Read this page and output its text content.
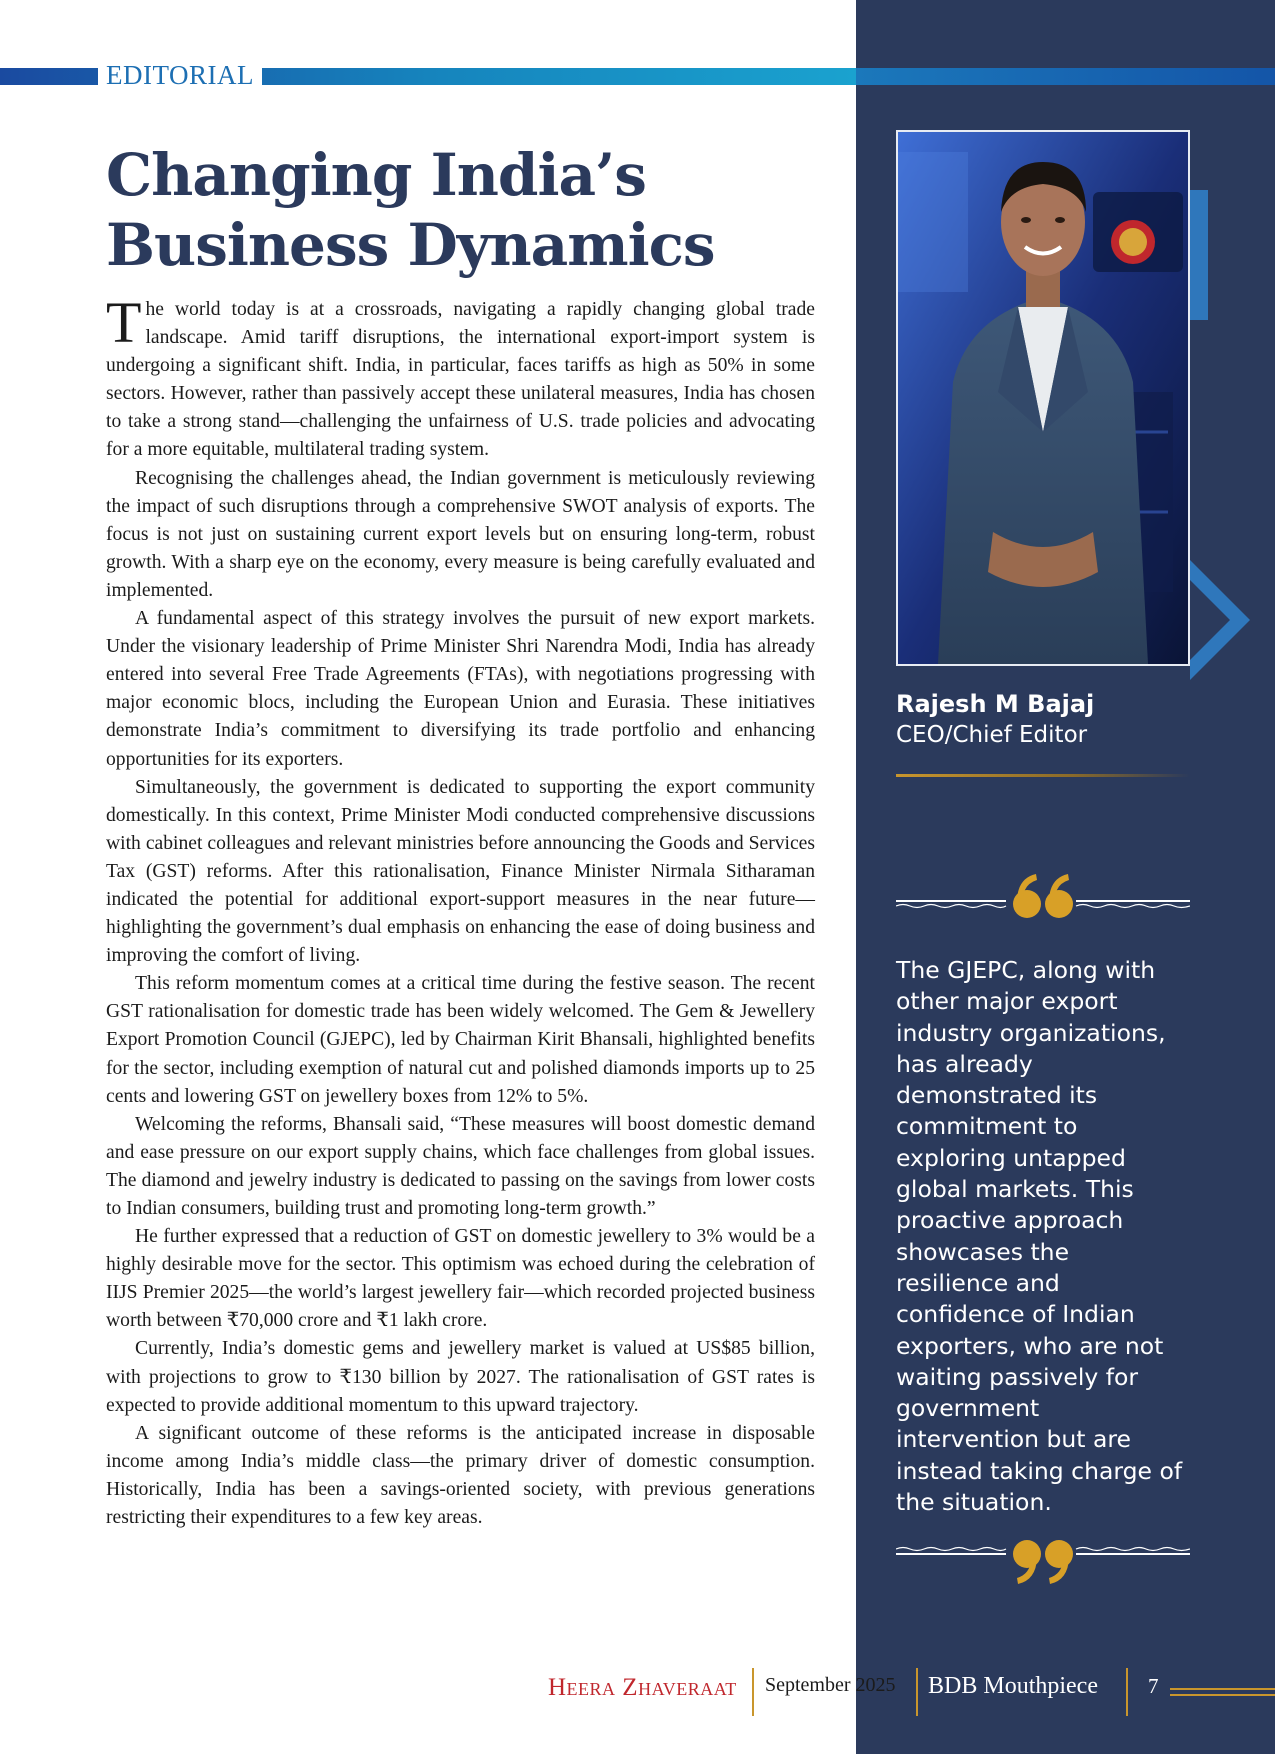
EDITORIAL
Changing India’s
Business Dynamics

The world today is at a crossroads, navigating a rapidly changing global trade landscape. Amid tariff disruptions, the international export-import system is undergoing a significant shift. India, in particular, faces tariffs as high as 50% in some sectors. However, rather than passively accept these unilateral measures, India has chosen to take a strong stand—challenging the unfairness of U.S. trade policies and advocating for a more equitable, multilateral trading system.

Recognising the challenges ahead, the Indian government is meticulously reviewing the impact of such disruptions through a comprehensive SWOT analysis of exports. The focus is not just on sustaining current export levels but on ensuring long-term, robust growth. With a sharp eye on the economy, every measure is being carefully evaluated and implemented.

A fundamental aspect of this strategy involves the pursuit of new export markets. Under the visionary leadership of Prime Minister Shri Narendra Modi, India has already entered into several Free Trade Agreements (FTAs), with negotiations progressing with major economic blocs, including the European Union and Eurasia. These initiatives demonstrate India’s commitment to diversifying its trade portfolio and enhancing opportunities for its exporters.

Simultaneously, the government is dedicated to supporting the export community domestically. In this context, Prime Minister Modi conducted comprehensive discussions with cabinet colleagues and relevant ministries before announcing the Goods and Services Tax (GST) reforms. After this rationalisation, Finance Minister Nirmala Sitharaman indicated the potential for additional export-support measures in the near future—highlighting the government’s dual emphasis on enhancing the ease of doing business and improving the comfort of living.

This reform momentum comes at a critical time during the festive season. The recent GST rationalisation for domestic trade has been widely welcomed. The Gem & Jewellery Export Promotion Council (GJEPC), led by Chairman Kirit Bhansali, highlighted benefits for the sector, including exemption of natural cut and polished diamonds imports up to 25 cents and lowering GST on jewellery boxes from 12% to 5%.

Welcoming the reforms, Bhansali said, “These measures will boost domestic demand and ease pressure on our export supply chains, which face challenges from global issues. The diamond and jewelry industry is dedicated to passing on the savings from lower costs to Indian consumers, building trust and promoting long-term growth.”

He further expressed that a reduction of GST on domestic jewellery to 3% would be a highly desirable move for the sector. This optimism was echoed during the celebration of IIJS Premier 2025—the world’s largest jewellery fair—which recorded projected business worth between ₹70,000 crore and ₹1 lakh crore.

Currently, India’s domestic gems and jewellery market is valued at US$85 billion, with projections to grow to ₹130 billion by 2027. The rationalisation of GST rates is expected to provide additional momentum to this upward trajectory.

A significant outcome of these reforms is the anticipated increase in disposable income among India’s middle class—the primary driver of domestic consumption. Historically, India has been a savings-oriented society, with previous generations restricting their expenditures to a few key areas.

Rajesh M Bajaj
CEO/Chief Editor
The GJEPC, along with other major export industry organizations, has already demonstrated its commitment to exploring untapped global markets. This proactive approach showcases the resilience and confidence of Indian exporters, who are not waiting passively for government intervention but are instead taking charge of the situation.
Heera Zhaveraat September 2025 BDB Mouthpiece 7
